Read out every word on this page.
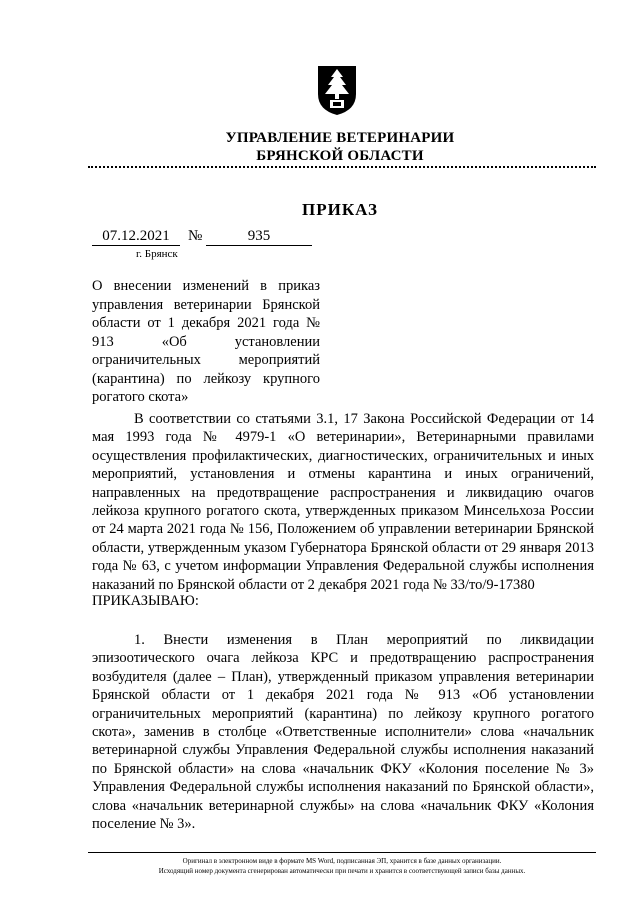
УПРАВЛЕНИЕ ВЕТЕРИНАРИИ
БРЯНСКОЙ ОБЛАСТИ
ПРИКАЗ
07.12.2021	№	935
г. Брянск
О внесении изменений в приказ управления ветеринарии Брянской области от 1 декабря 2021 года № 913 «Об установлении ограничительных мероприятий (карантина) по лейкозу крупного рогатого скота»
В соответствии со статьями 3.1, 17 Закона Российской Федерации от 14 мая 1993 года № 4979-1 «О ветеринарии», Ветеринарными правилами осуществления профилактических, диагностических, ограничительных и иных мероприятий, установления и отмены карантина и иных ограничений, направленных на предотвращение распространения и ликвидацию очагов лейкоза крупного рогатого скота, утвержденных приказом Минсельхоза России от 24 марта 2021 года № 156, Положением об управлении ветеринарии Брянской области, утвержденным указом Губернатора Брянской области от 29 января 2013 года № 63, с учетом информации Управления Федеральной службы исполнения наказаний по Брянской области от 2 декабря 2021 года № 33/то/9-17380
ПРИКАЗЫВАЮ:
1. Внести изменения в План мероприятий по ликвидации эпизоотического очага лейкоза КРС и предотвращению распространения возбудителя (далее – План), утвержденный приказом управления ветеринарии Брянской области от 1 декабря 2021 года № 913 «Об установлении ограничительных мероприятий (карантина) по лейкозу крупного рогатого скота», заменив в столбце «Ответственные исполнители» слова «начальник ветеринарной службы Управления Федеральной службы исполнения наказаний по Брянской области» на слова «начальник ФКУ «Колония поселение № 3» Управления Федеральной службы исполнения наказаний по Брянской области», слова «начальник ветеринарной службы» на слова «начальник ФКУ «Колония поселение № 3».
Оригинал в электронном виде в формате MS Word, подписанная ЭП, хранится в базе данных организации.
Исходящий номер документа сгенерирован автоматически при печати и хранится в соответствующей записи базы данных.
